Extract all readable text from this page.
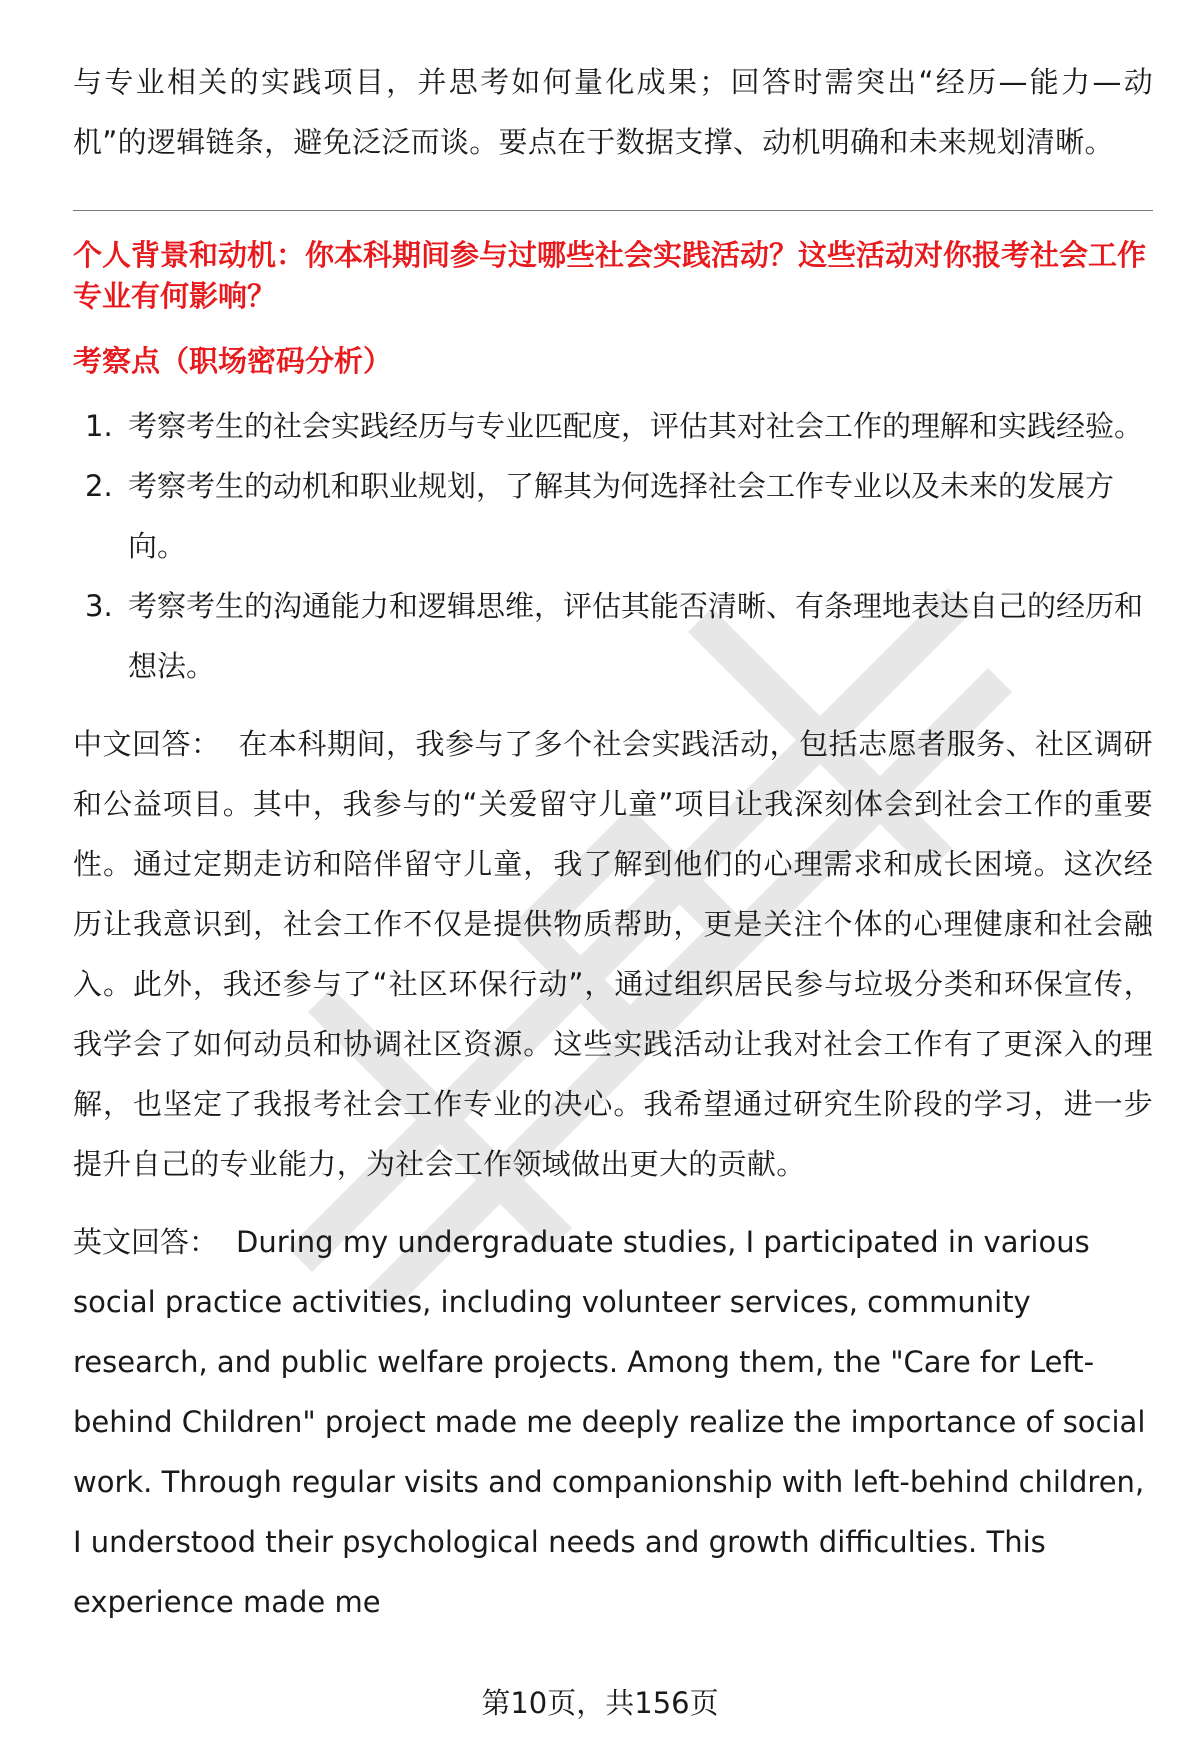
与专业相关的实践项目，并思考如何量化成果；回答时需突出“经历—能力—动机”的逻辑链条，避免泛泛而谈。要点在于数据支撑、动机明确和未来规划清晰。

个人背景和动机：你本科期间参与过哪些社会实践活动？这些活动对你报考社会工作专业有何影响？

考察点（职场密码分析）

1. 考察考生的社会实践经历与专业匹配度，评估其对社会工作的理解和实践经验。
2. 考察考生的动机和职业规划，了解其为何选择社会工作专业以及未来的发展方向。
3. 考察考生的沟通能力和逻辑思维，评估其能否清晰、有条理地表达自己的经历和想法。

中文回答： 在本科期间，我参与了多个社会实践活动，包括志愿者服务、社区调研和公益项目。其中，我参与的“关爱留守儿童”项目让我深刻体会到社会工作的重要性。通过定期走访和陪伴留守儿童，我了解到他们的心理需求和成长困境。这次经历让我意识到，社会工作不仅是提供物质帮助，更是关注个体的心理健康和社会融入。此外，我还参与了“社区环保行动”，通过组织居民参与垃圾分类和环保宣传，我学会了如何动员和协调社区资源。这些实践活动让我对社会工作有了更深入的理解，也坚定了我报考社会工作专业的决心。我希望通过研究生阶段的学习，进一步提升自己的专业能力，为社会工作领域做出更大的贡献。

英文回答： During my undergraduate studies, I participated in various social practice activities, including volunteer services, community research, and public welfare projects. Among them, the "Care for Left-behind Children" project made me deeply realize the importance of social work. Through regular visits and companionship with left-behind children, I understood their psychological needs and growth difficulties. This experience made me

第10页，共156页
